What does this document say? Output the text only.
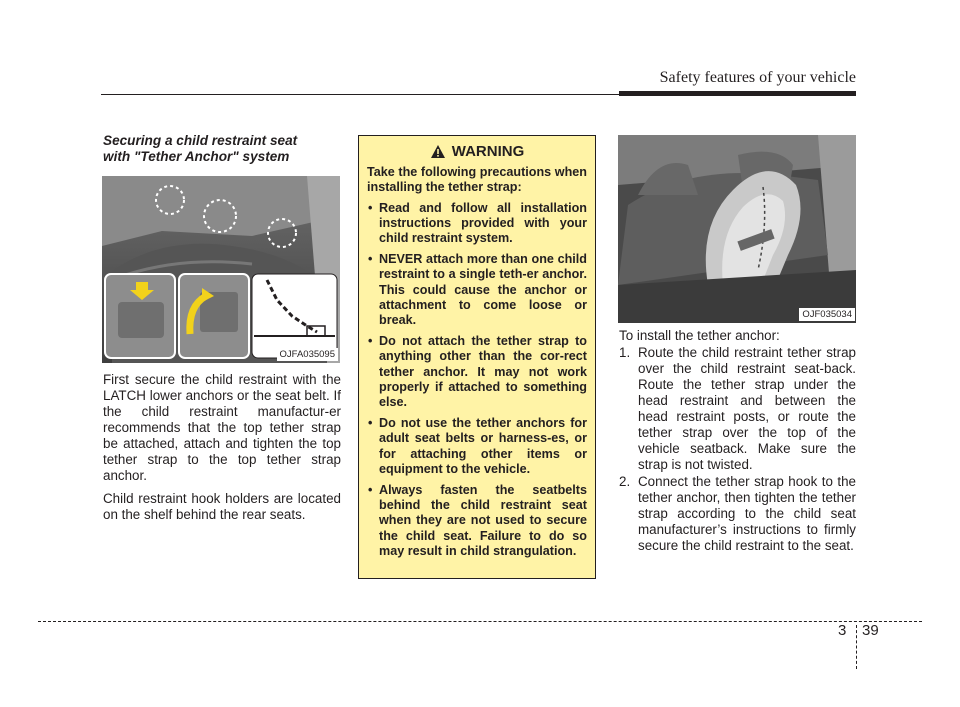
Safety features of your vehicle
Securing a child restraint seat
with "Tether Anchor" system
OJFA035095

First secure the child restraint with the LATCH lower anchors or the seat belt. If the child restraint manufactur-er recommends that the top tether strap be attached, attach and tighten the top tether strap to the top tether strap anchor.

Child restraint hook holders are located on the shelf behind the rear seats.

WARNING

Take the following precautions when installing the tether strap:

• Read and follow all installation instructions provided with your child restraint system.
• NEVER attach more than one child restraint to a single teth-er anchor. This could cause the anchor or attachment to come loose or break.
• Do not attach the tether strap to anything other than the cor-rect tether anchor. It may not work properly if attached to something else.
• Do not use the tether anchors for adult seat belts or harness-es, or for attaching other items or equipment to the vehicle.
• Always fasten the seatbelts behind the child restraint seat when they are not used to secure the child seat. Failure to do so may result in child strangulation.
OJF035034

To install the tether anchor:

1. Route the child restraint tether strap over the child restraint seat-back. Route the tether strap under the head restraint and between the head restraint posts, or route the tether strap over the top of the vehicle seatback. Make sure the strap is not twisted.
2. Connect the tether strap hook to the tether anchor, then tighten the tether strap according to the child seat manufacturer’s instructions to firmly secure the child restraint to the seat.
3 39
